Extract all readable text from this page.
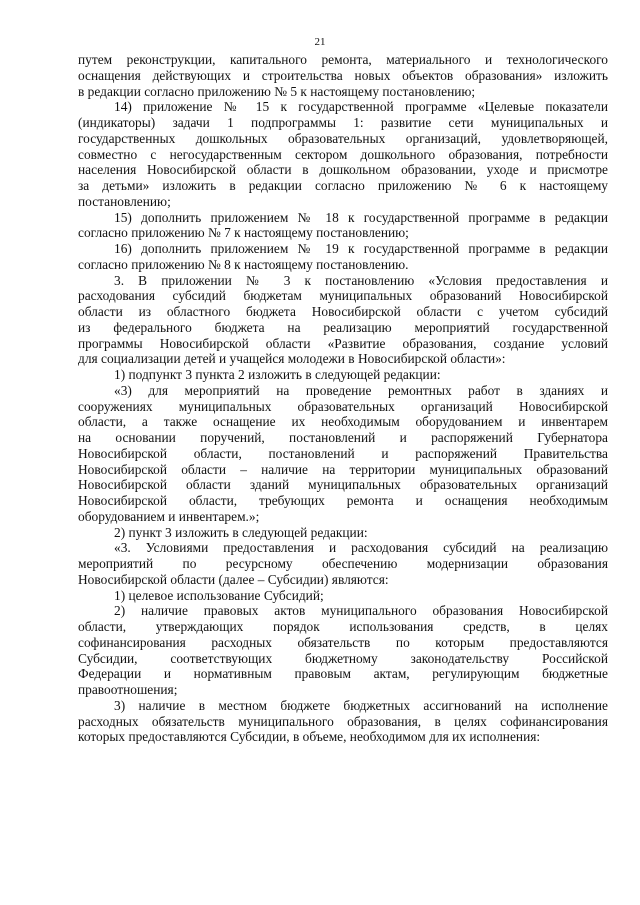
21
путем реконструкции, капитального ремонта, материального и технологического
оснащения действующих и строительства новых объектов образования» изложить
в редакции согласно приложению № 5 к настоящему постановлению;
14) приложение № 15 к государственной программе «Целевые показатели
(индикаторы) задачи 1 подпрограммы 1: развитие сети муниципальных и
государственных дошкольных образовательных организаций, удовлетворяющей,
совместно с негосударственным сектором дошкольного образования, потребности
населения Новосибирской области в дошкольном образовании, уходе и присмотре
за детьми» изложить в редакции согласно приложению № 6 к настоящему
постановлению;
15) дополнить приложением № 18 к государственной программе в редакции
согласно приложению № 7 к настоящему постановлению;
16) дополнить приложением № 19 к государственной программе в редакции
согласно приложению № 8 к настоящему постановлению.
3. В приложении № 3 к постановлению «Условия предоставления и
расходования субсидий бюджетам муниципальных образований Новосибирской
области из областного бюджета Новосибирской области с учетом субсидий
из федерального бюджета на реализацию мероприятий государственной
программы Новосибирской области «Развитие образования, создание условий
для социализации детей и учащейся молодежи в Новосибирской области»:
1) подпункт 3 пункта 2 изложить в следующей редакции:
«3) для мероприятий на проведение ремонтных работ в зданиях и
сооружениях муниципальных образовательных организаций Новосибирской
области, а также оснащение их необходимым оборудованием и инвентарем
на основании поручений, постановлений и распоряжений Губернатора
Новосибирской области, постановлений и распоряжений Правительства
Новосибирской области – наличие на территории муниципальных образований
Новосибирской области зданий муниципальных образовательных организаций
Новосибирской области, требующих ремонта и оснащения необходимым
оборудованием и инвентарем.»;
2) пункт 3 изложить в следующей редакции:
«3. Условиями предоставления и расходования субсидий на реализацию
мероприятий по ресурсному обеспечению модернизации образования
Новосибирской области (далее – Субсидии) являются:
1) целевое использование Субсидий;
2) наличие правовых актов муниципального образования Новосибирской
области, утверждающих порядок использования средств, в целях
софинансирования расходных обязательств по которым предоставляются
Субсидии, соответствующих бюджетному законодательству Российской
Федерации и нормативным правовым актам, регулирующим бюджетные
правоотношения;
3) наличие в местном бюджете бюджетных ассигнований на исполнение
расходных обязательств муниципального образования, в целях софинансирования
которых предоставляются Субсидии, в объеме, необходимом для их исполнения:
